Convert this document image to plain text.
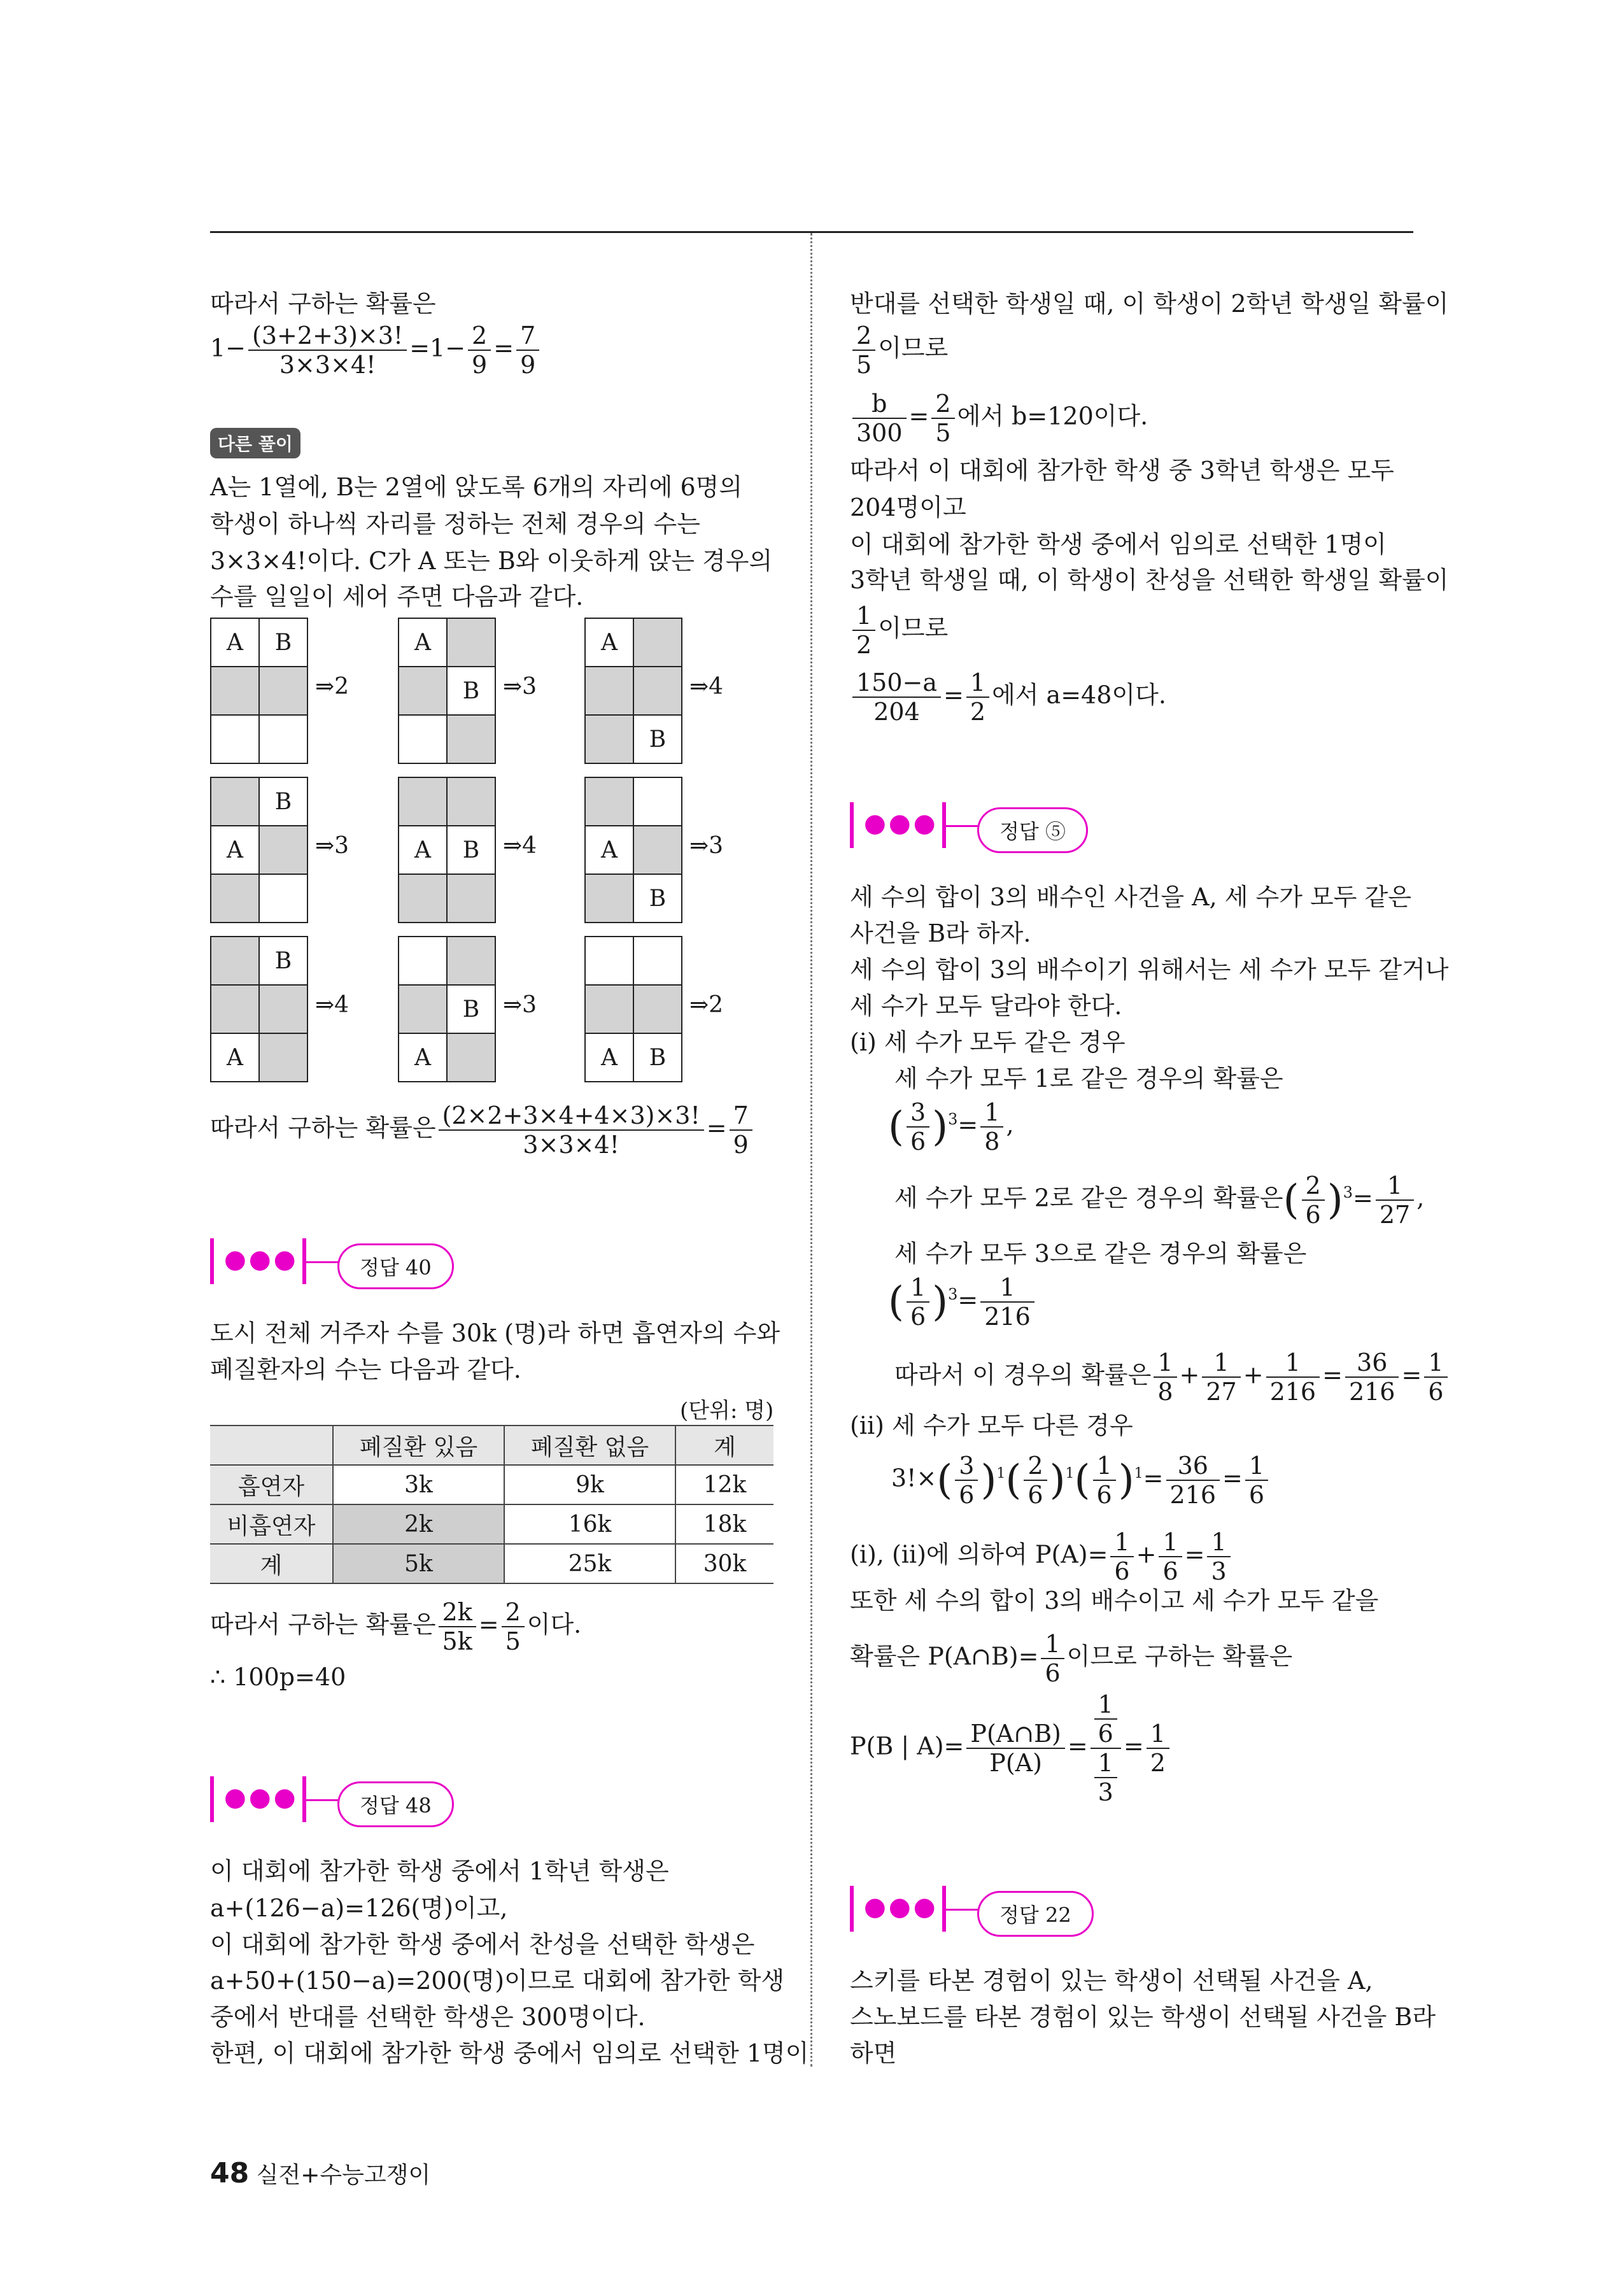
따라서 구하는 확률은
$1- \frac{(3+2+3)\times 3!}{3\times 3\times 4!} =1- \frac{2}{9} = \frac{7}{9}$
다른 풀이
A는 1열에, B는 2열에 앉도록 6개의 자리에 6명의
학생이 하나씩 자리를 정하는 전체 경우의 수는
3×3×4!이다. C가 A 또는 B와 이웃하게 앉는 경우의
수를 일일이 세어 주면 다음과 같다.
A	B

⇒2
A	
	B
	⇒3
A	

	B
⇒4
	B
A	
		⇒3
		A	B
	⇒4
		A	
	B
⇒3
	B

A	
⇒4

		B
A	
⇒3

A	B
⇒2
따라서 구하는 확률은 $\frac{(2\times 2+3\times 4+4\times 3)\times 3!}{3\times 3\times 4!} = \frac{7}{9}$
●●●	정답 40
도시 전체 거주자 수를 30k (명)라 하면 흡연자의 수와
폐질환자의 수는 다음과 같다.
(단위: 명)
	폐질환 있음	폐질환 없음	계
흡연자	3k	9k	12k
비흡연자	2k	16k	18k
계	5k	25k	30k
따라서 구하는 확률은 $\frac{2k}{5k} = \frac{2}{5}$ 이다.
∴ 100p=40
●●●	정답 48
이 대회에 참가한 학생 중에서 1학년 학생은
a+(126−a)=126(명)이고,
이 대회에 참가한 학생 중에서 찬성을 선택한 학생은
a+50+(150−a)=200(명)이므로 대회에 참가한 학생
중에서 반대를 선택한 학생은 300명이다.
한편, 이 대회에 참가한 학생 중에서 임의로 선택한 1명이
반대를 선택한 학생일 때, 이 학생이 2학년 학생일 확률이
$\frac{2}{5}$ 이므로
$\frac{b}{300} = \frac{2}{5}$ 에서 b=120이다.
따라서 이 대회에 참가한 학생 중 3학년 학생은 모두
204명이고
이 대회에 참가한 학생 중에서 임의로 선택한 1명이
3학년 학생일 때, 이 학생이 찬성을 선택한 학생일 확률이
$\frac{1}{2}$ 이므로
$\frac{150-a}{204} = \frac{1}{2}$ 에서 a=48이다.
●●●	정답 ⑤
세 수의 합이 3의 배수인 사건을 A, 세 수가 모두 같은
사건을 B라 하자.
세 수의 합이 3의 배수이기 위해서는 세 수가 모두 같거나
세 수가 모두 달라야 한다.
(ⅰ) 세 수가 모두 같은 경우
세 수가 모두 1로 같은 경우의 확률은
( $\frac{3}{6} )^3= \frac{1}{8}$ ,
세 수가 모두 2로 같은 경우의 확률은( $\frac{2}{6} )^3= \frac{1}{27}$ ,
세 수가 모두 3으로 같은 경우의 확률은
( $\frac{1}{6} )^3= \frac{1}{216}$
따라서 이 경우의 확률은 $\frac{1}{8} + \frac{1}{27} + \frac{1}{216} = \frac{36}{216} = \frac{1}{6}$
(ⅱ) 세 수가 모두 다른 경우
$3!\times( \frac{3}{6} )^1( \frac{2}{6} )^1( \frac{1}{6} )^1= \frac{36}{216} = \frac{1}{6}$
(ⅰ), (ⅱ)에 의하여 $P(A)= \frac{1}{6} + \frac{1}{6} = \frac{1}{3}$
또한 세 수의 합이 3의 배수이고 세 수가 모두 같을
확률은 P(A∩B)= $\frac{1}{6}$ 이므로 구하는 확률은
P(B | $A)= \frac{P(A\cap B)}{P(A)} = \frac{\frac{1}{6}}{\frac{1}{3}} = \frac{1}{2}$
●●●	정답 22
스키를 타본 경험이 있는 학생이 선택될 사건을 A,
스노보드를 타본 경험이 있는 학생이 선택될 사건을 B라
하면
48 실전+수능고쟁이
